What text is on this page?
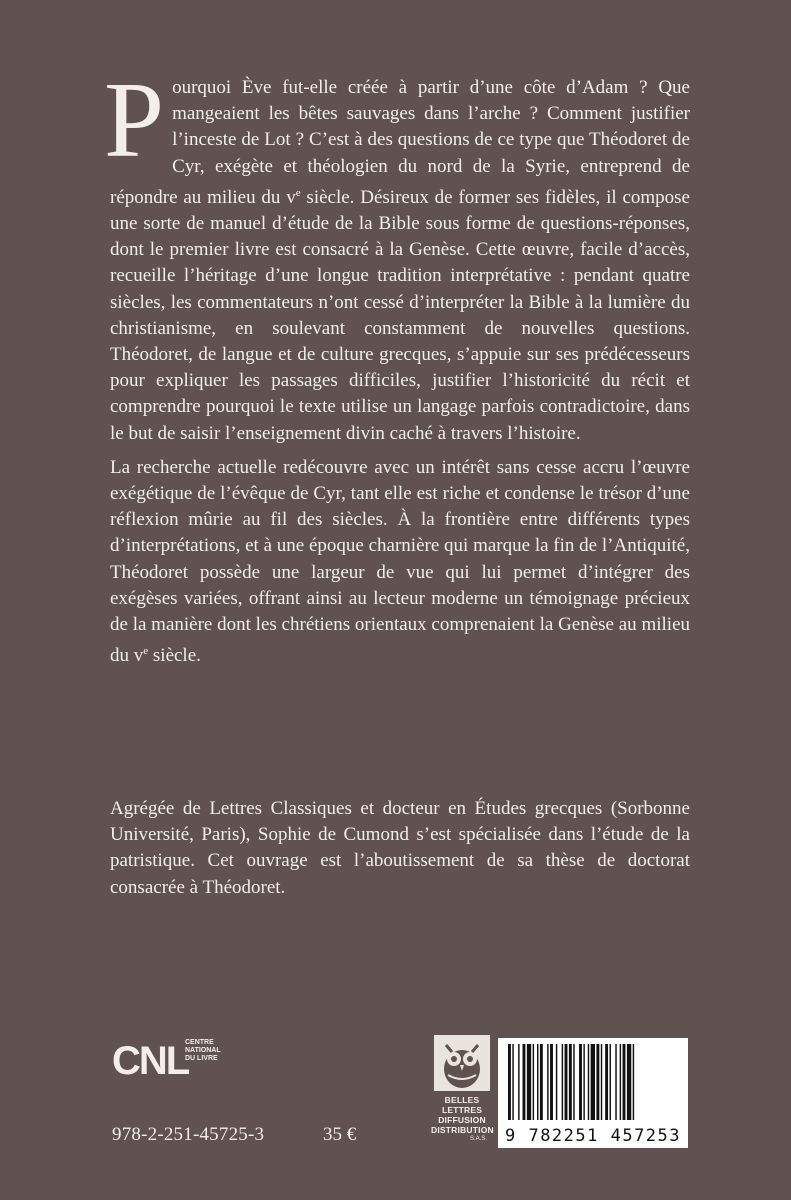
Pourquoi Ève fut-elle créée à partir d’une côte d’Adam ? Que mangeaient les bêtes sauvages dans l’arche ? Comment justifier l’inceste de Lot ? C’est à des questions de ce type que Théodoret de Cyr, exégète et théologien du nord de la Syrie, entreprend de répondre au milieu du $v^e$ siècle. Désireux de former ses fidèles, il compose une sorte de manuel d’étude de la Bible sous forme de questions-réponses, dont le premier livre est consacré à la Genèse. Cette œuvre, facile d’accès, recueille l’héritage d’une longue tradition interprétative : pendant quatre siècles, les commentateurs n’ont cessé d’interpréter la Bible à la lumière du christianisme, en soulevant constamment de nouvelles questions. Théodoret, de langue et de culture grecques, s’appuie sur ses prédécesseurs pour expliquer les passages difficiles, justifier l’historicité du récit et comprendre pourquoi le texte utilise un langage parfois contradictoire, dans le but de saisir l’enseignement divin caché à travers l’histoire.

La recherche actuelle redécouvre avec un intérêt sans cesse accru l’œuvre exégétique de l’évêque de Cyr, tant elle est riche et condense le trésor d’une réflexion mûrie au fil des siècles. À la frontière entre différents types d’interprétations, et à une époque charnière qui marque la fin de l’Antiquité, Théodoret possède une largeur de vue qui lui permet d’intégrer des exégèses variées, offrant ainsi au lecteur moderne un témoignage précieux de la manière dont les chrétiens orientaux comprenaient la Genèse au milieu du $v^e$ siècle.

Agrégée de Lettres Classiques et docteur en Études grecques (Sorbonne Université, Paris), Sophie de Cumond s’est spécialisée dans l’étude de la patristique. Cet ouvrage est l’aboutissement de sa thèse de doctorat consacrée à Théodoret.
CNL
CENTRE
NATIONAL
DU LIVRE
978-2-251-45725-3	35 €
BELLES LETTRES
DIFFUSION
DISTRIBUTION
S.A.S.	9 782251 457253
